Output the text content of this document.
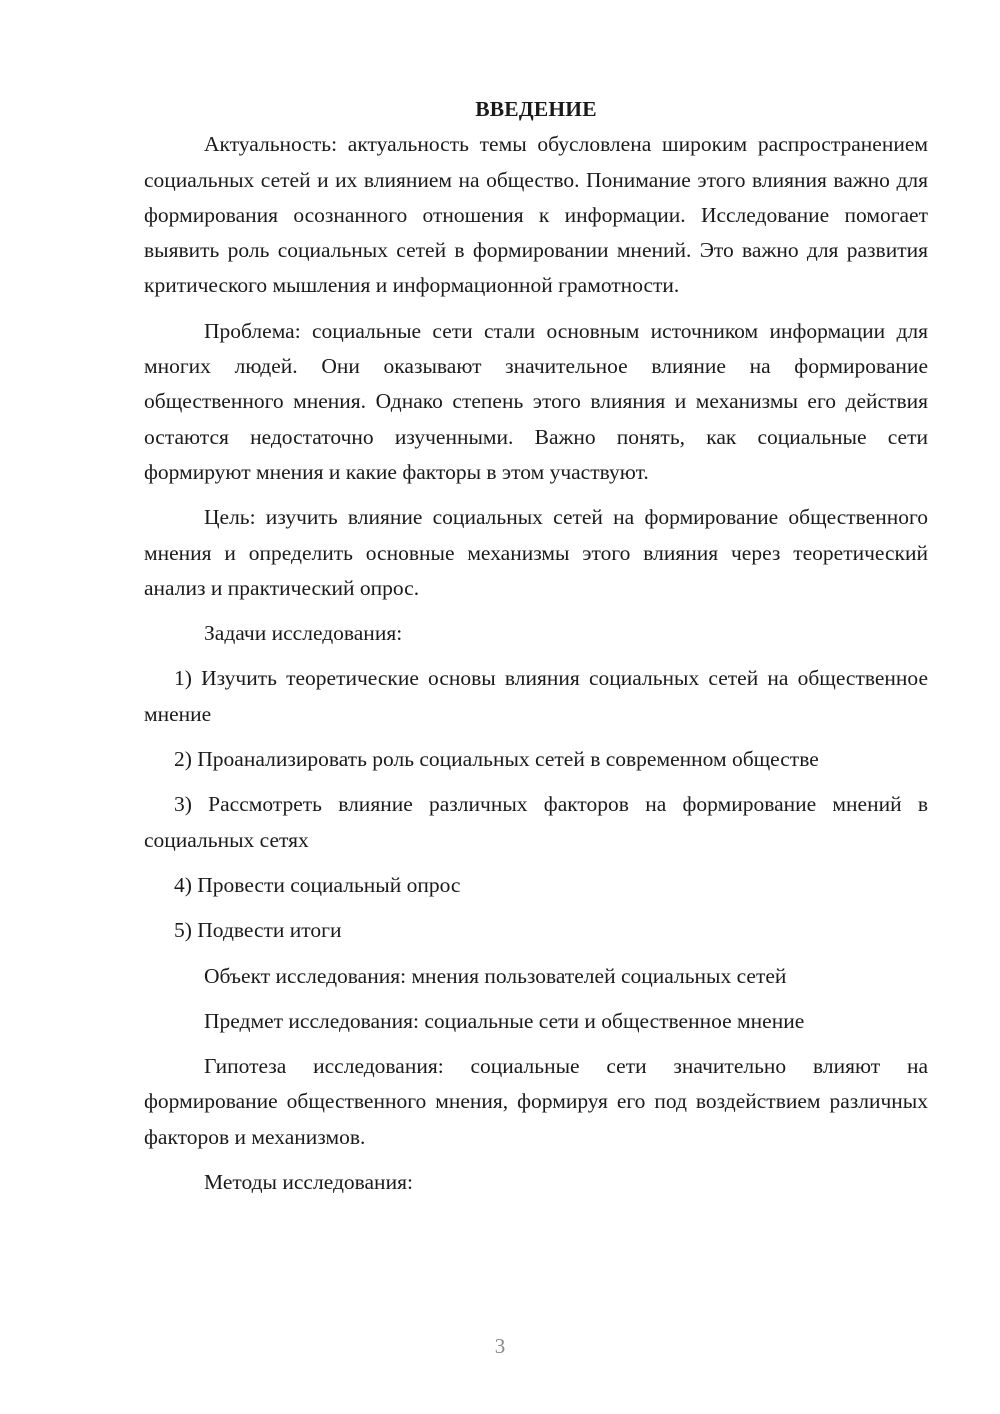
ВВЕДЕНИЕ

Актуальность: актуальность темы обусловлена широким распространением социальных сетей и их влиянием на общество. Понимание этого влияния важно для формирования осознанного отношения к информации. Исследование помогает выявить роль социальных сетей в формировании мнений. Это важно для развития критического мышления и информационной грамотности.

Проблема: социальные сети стали основным источником информации для многих людей. Они оказывают значительное влияние на формирование общественного мнения. Однако степень этого влияния и механизмы его действия остаются недостаточно изученными. Важно понять, как социальные сети формируют мнения и какие факторы в этом участвуют.

Цель: изучить влияние социальных сетей на формирование общественного мнения и определить основные механизмы этого влияния через теоретический анализ и практический опрос.

Задачи исследования:

1) Изучить теоретические основы влияния социальных сетей на общественное мнение

2) Проанализировать роль социальных сетей в современном обществе

3) Рассмотреть влияние различных факторов на формирование мнений в социальных сетях

4) Провести социальный опрос

5) Подвести итоги

Объект исследования: мнения пользователей социальных сетей

Предмет исследования: социальные сети и общественное мнение

Гипотеза исследования: социальные сети значительно влияют на формирование общественного мнения, формируя его под воздействием различных факторов и механизмов.

Методы исследования:

3
